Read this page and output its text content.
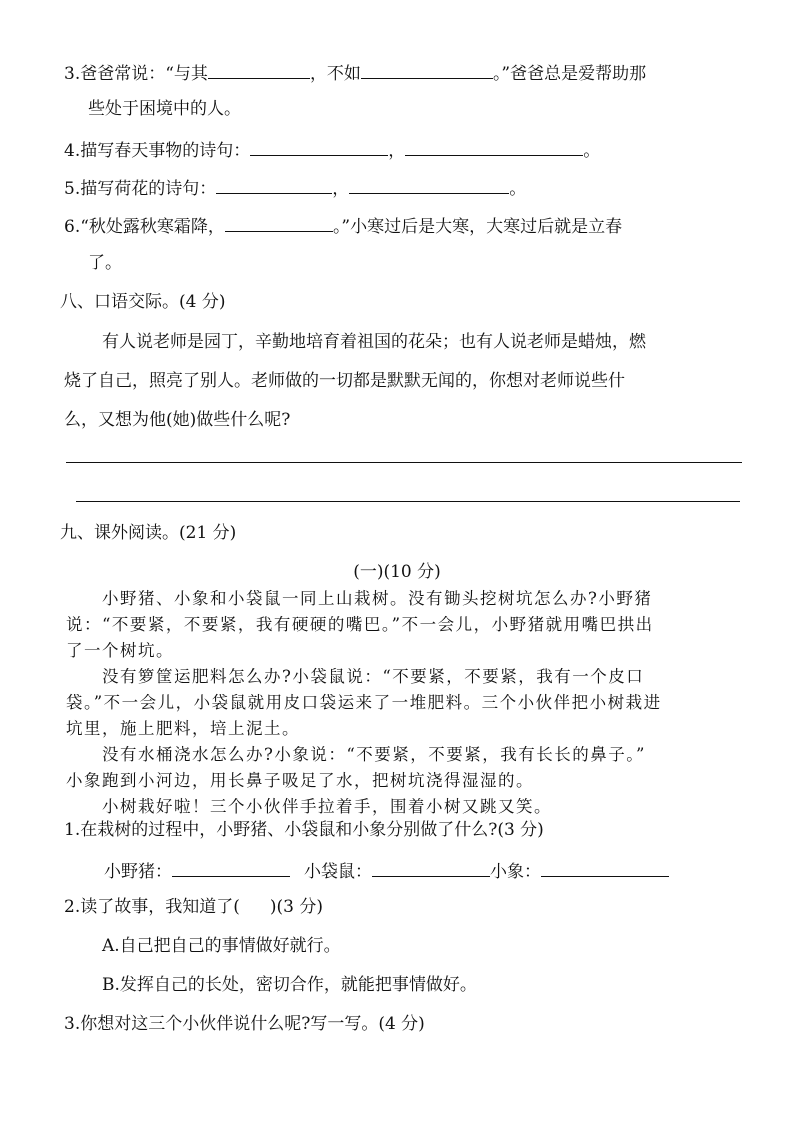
3.爸爸常说：“与其	，不如	。”爸爸总是爱帮助那
些处于困境中的人。
4.描写春天事物的诗句：	，	。
5.描写荷花的诗句：	，	。
6.“秋处露秋寒霜降，	。”小寒过后是大寒，大寒过后就是立春
了。
八、口语交际。(4 分)
有人说老师是园丁，辛勤地培育着祖国的花朵；也有人说老师是蜡烛，燃
烧了自己，照亮了别人。老师做的一切都是默默无闻的，你想对老师说些什
么，又想为他(她)做些什么呢?
九、课外阅读。(21 分)
(一)(10 分)
小野猪、小象和小袋鼠一同上山栽树。没有锄头挖树坑怎么办?小野猪
说：“不要紧，不要紧，我有硬硬的嘴巴。”不一会儿，小野猪就用嘴巴拱出
了一个树坑。
没有箩筐运肥料怎么办?小袋鼠说：“不要紧，不要紧，我有一个皮口
袋。”不一会儿，小袋鼠就用皮口袋运来了一堆肥料。三个小伙伴把小树栽进
坑里，施上肥料，培上泥土。
没有水桶浇水怎么办?小象说：“不要紧，不要紧，我有长长的鼻子。”
小象跑到小河边，用长鼻子吸足了水，把树坑浇得湿湿的。
小树栽好啦！三个小伙伴手拉着手，围着小树又跳又笑。
1.在栽树的过程中，小野猪、小袋鼠和小象分别做了什么?(3 分)
小野猪：	小袋鼠：	小象：
2.读了故事，我知道了( )(3 分)
A.自己把自己的事情做好就行。
B.发挥自己的长处，密切合作，就能把事情做好。
3.你想对这三个小伙伴说什么呢?写一写。(4 分)
